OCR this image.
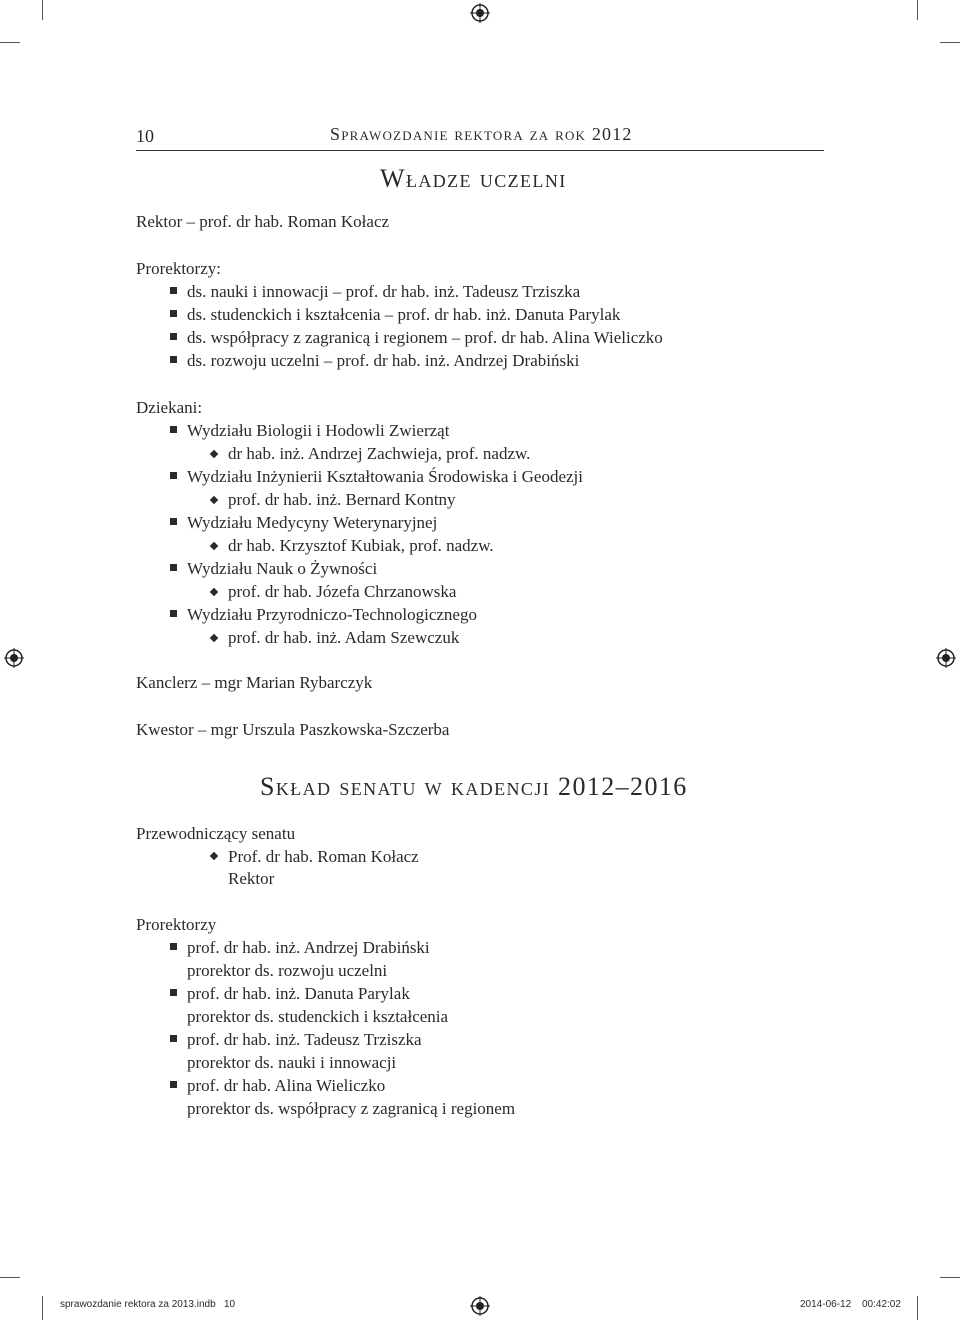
10	Sprawozdanie rektora za rok 2012
Władze uczelni
Rektor – prof. dr hab. Roman Kołacz
Prorektorzy:
ds. nauki i innowacji – prof. dr hab. inż. Tadeusz Trziszka
ds. studenckich i kształcenia – prof. dr hab. inż. Danuta Parylak
ds. współpracy z zagranicą i regionem – prof. dr hab. Alina Wieliczko
ds. rozwoju uczelni – prof. dr hab. inż. Andrzej Drabiński
Dziekani:
Wydziału Biologii i Hodowli Zwierząt
dr hab. inż. Andrzej Zachwieja, prof. nadzw.
Wydziału Inżynierii Kształtowania Środowiska i Geodezji
prof. dr hab. inż. Bernard Kontny
Wydziału Medycyny Weterynaryjnej
dr hab. Krzysztof Kubiak, prof. nadzw.
Wydziału Nauk o Żywności
prof. dr hab. Józefa Chrzanowska
Wydziału Przyrodniczo-Technologicznego
prof. dr hab. inż. Adam Szewczuk
Kanclerz – mgr Marian Rybarczyk
Kwestor – mgr Urszula Paszkowska-Szczerba
Skład senatu w kadencji 2012–2016
Przewodniczący senatu
Prof. dr hab. Roman Kołacz
Rektor
Prorektorzy
prof. dr hab. inż. Andrzej Drabiński
prorektor ds. rozwoju uczelni
prof. dr hab. inż. Danuta Parylak
prorektor ds. studenckich i kształcenia
prof. dr hab. inż. Tadeusz Trziszka
prorektor ds. nauki i innowacji
prof. dr hab. Alina Wieliczko
prorektor ds. współpracy z zagranicą i regionem
sprawozdanie rektora za 2013.indb   10	2014-06-12 00:42:02
